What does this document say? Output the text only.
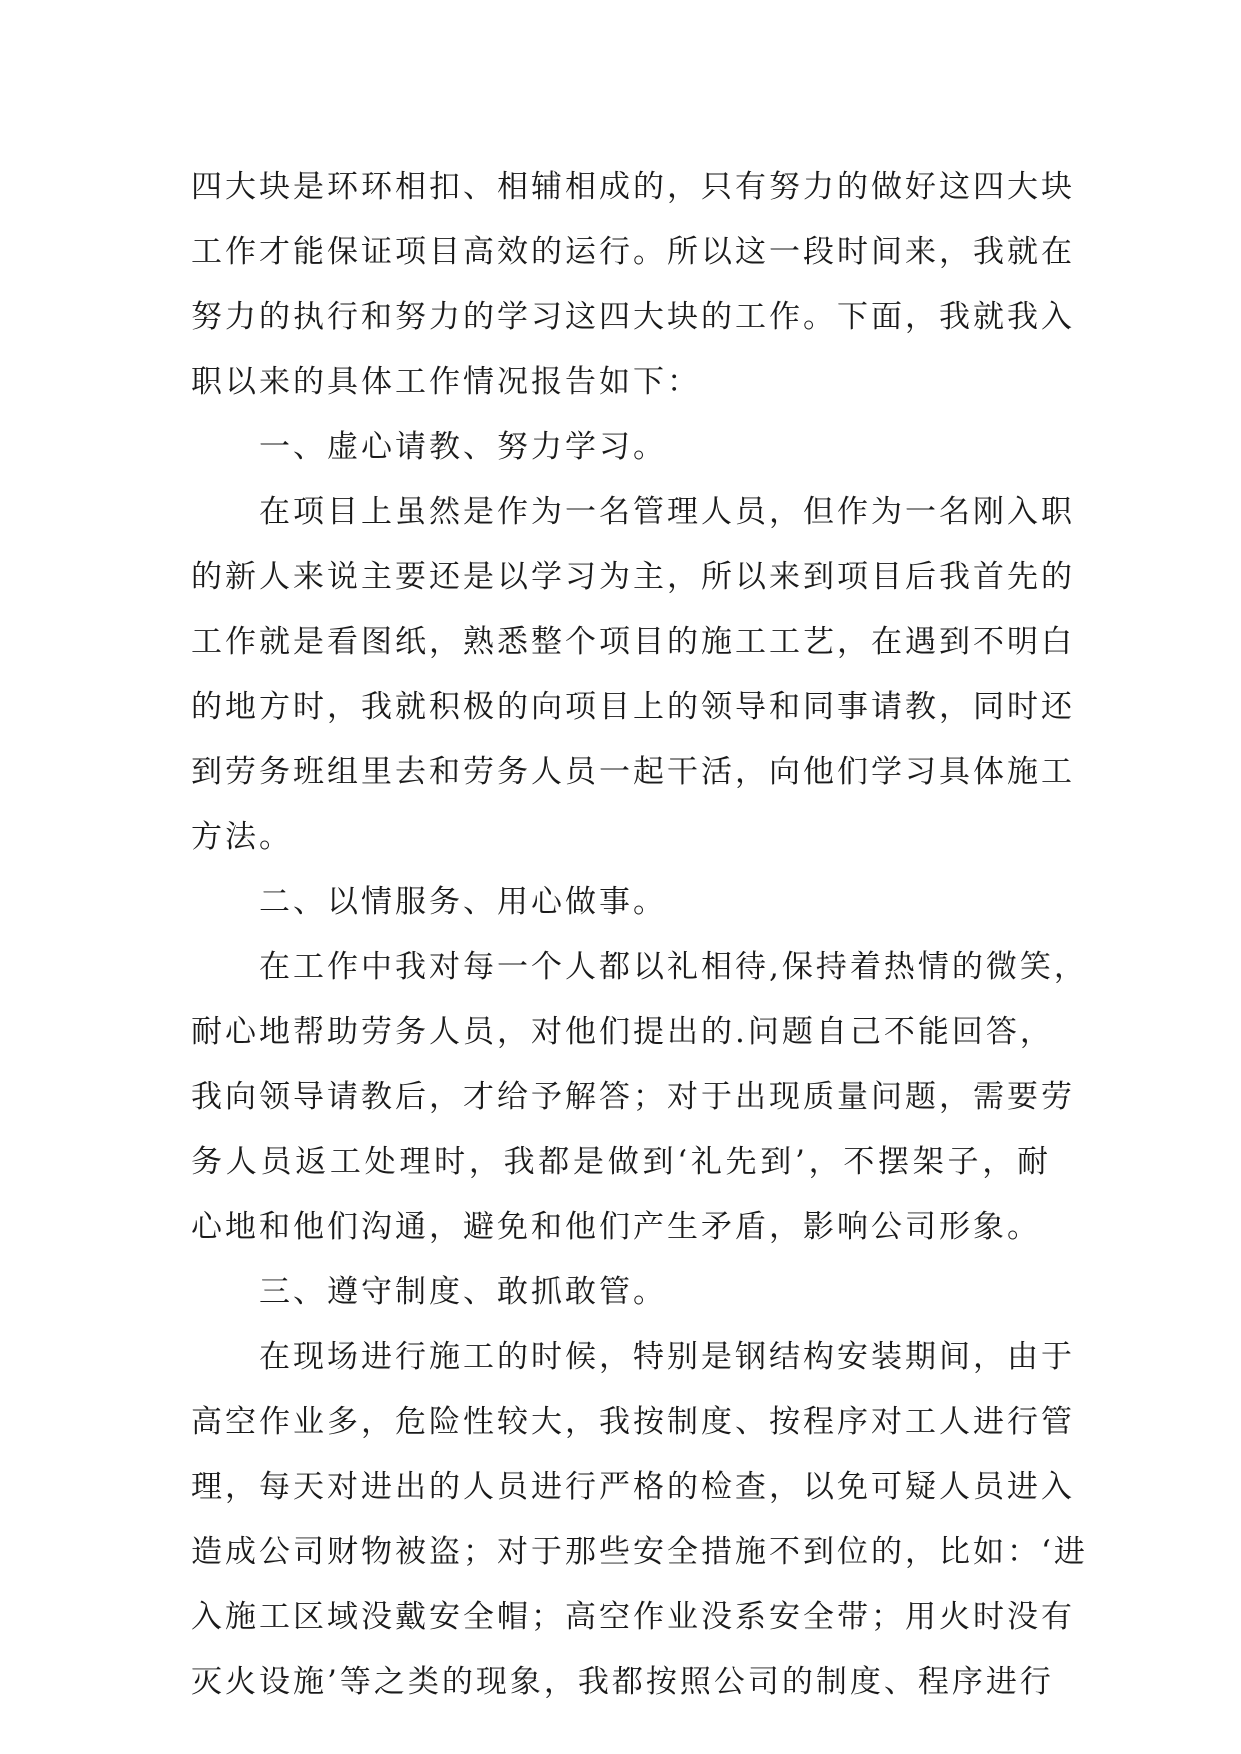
四大块是环环相扣、相辅相成的，只有努力的做好这四大块
工作才能保证项目高效的运行。所以这一段时间来，我就在
努力的执行和努力的学习这四大块的工作。下面，我就我入
职以来的具体工作情况报告如下：
一、虚心请教、努力学习。
在项目上虽然是作为一名管理人员，但作为一名刚入职
的新人来说主要还是以学习为主，所以来到项目后我首先的
工作就是看图纸，熟悉整个项目的施工工艺，在遇到不明白
的地方时，我就积极的向项目上的领导和同事请教，同时还
到劳务班组里去和劳务人员一起干活，向他们学习具体施工
方法。
二、以情服务、用心做事。
在工作中我对每一个人都以礼相待,保持着热情的微笑，
耐心地帮助劳务人员，对他们提出的.问题自己不能回答，
我向领导请教后，才给予解答；对于出现质量问题，需要劳
务人员返工处理时，我都是做到‘礼先到’，不摆架子，耐
心地和他们沟通，避免和他们产生矛盾，影响公司形象。
三、遵守制度、敢抓敢管。
在现场进行施工的时候，特别是钢结构安装期间，由于
高空作业多，危险性较大，我按制度、按程序对工人进行管
理，每天对进出的人员进行严格的检查，以免可疑人员进入
造成公司财物被盗；对于那些安全措施不到位的，比如：‘进
入施工区域没戴安全帽；高空作业没系安全带；用火时没有
灭火设施’等之类的现象，我都按照公司的制度、程序进行
